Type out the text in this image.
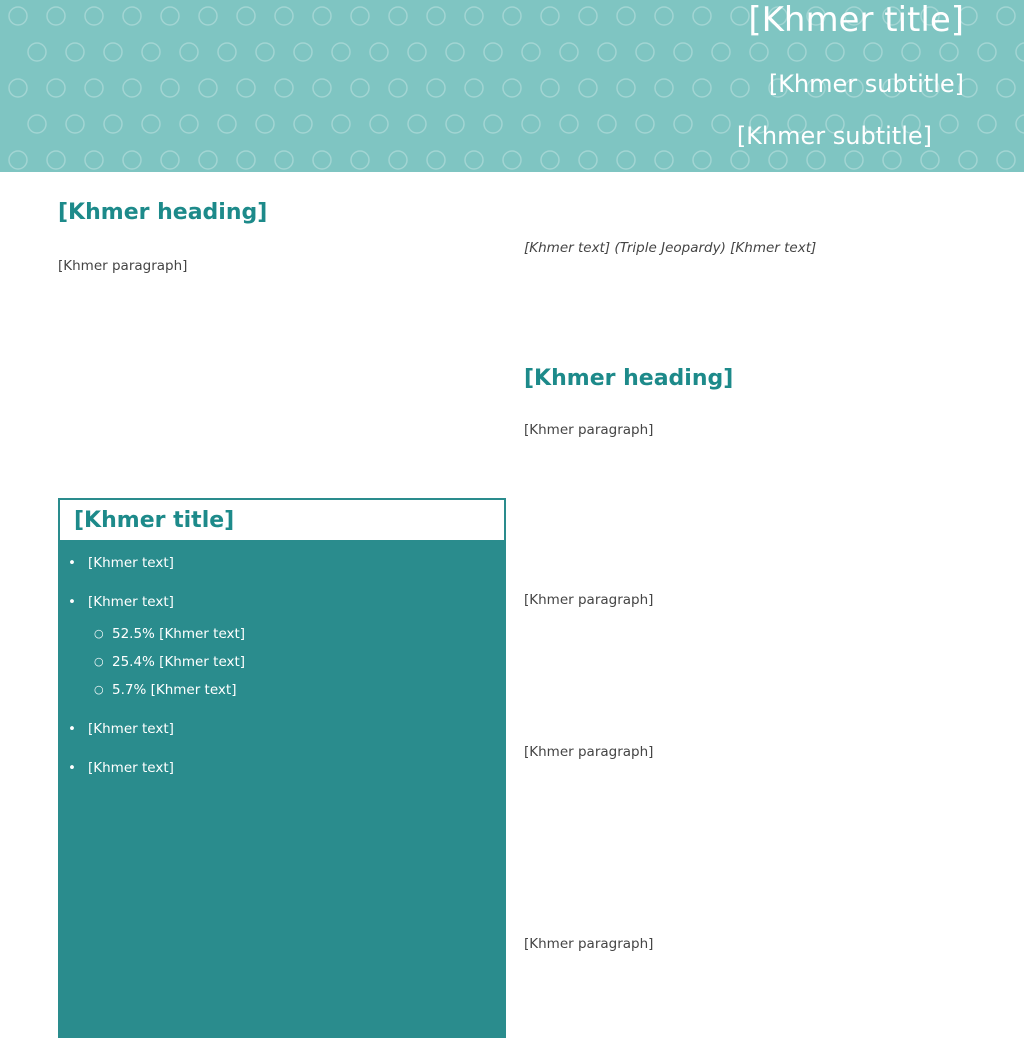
[Khmer title]
[Khmer subtitle]
[Khmer subtitle]
[Khmer heading]

[Khmer paragraph]

[Khmer title]
• [Khmer text]
• [Khmer text]
○ 52.5% [Khmer text]
○ 25.4% [Khmer text]
○ 5.7% [Khmer text]
• [Khmer text]
• [Khmer text]

[Khmer text] (Triple Jeopardy) [Khmer text]

[Khmer heading]

[Khmer paragraph]

[Khmer paragraph]

[Khmer paragraph]

[Khmer paragraph]
